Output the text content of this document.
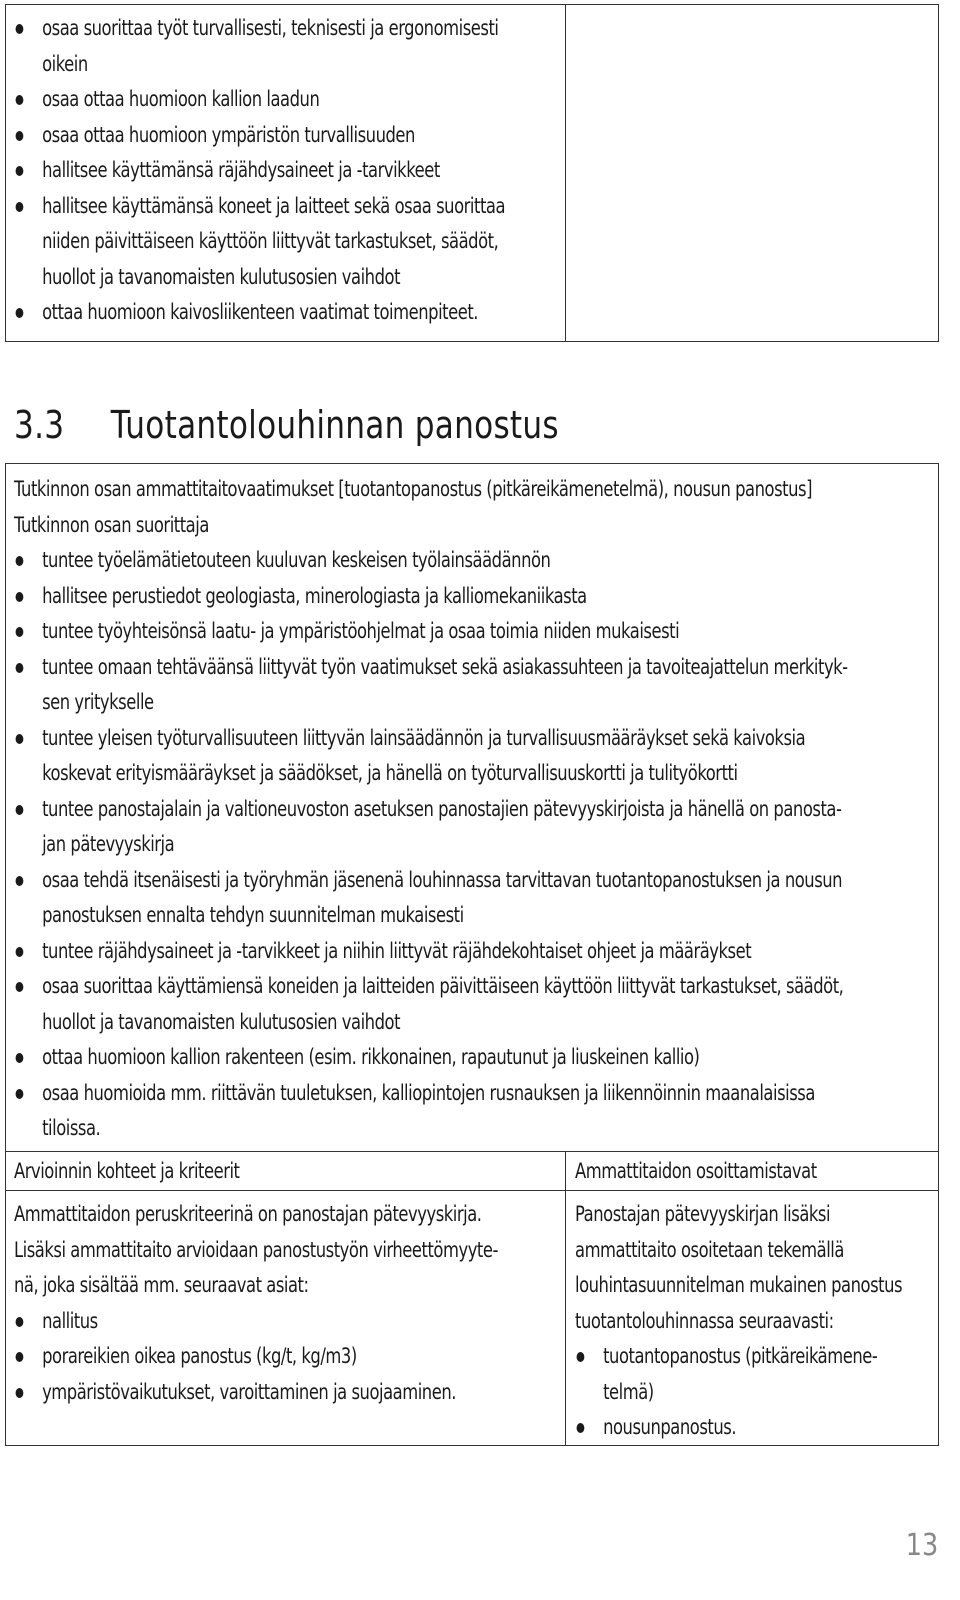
osaa suorittaa työt turvallisesti, teknisesti ja ergonomisesti
oikein
osaa ottaa huomioon kallion laadun
osaa ottaa huomioon ympäristön turvallisuuden
hallitsee käyttämänsä räjähdysaineet ja -tarvikkeet
hallitsee käyttämänsä koneet ja laitteet sekä osaa suorittaa
niiden päivittäiseen käyttöön liittyvät tarkastukset, säädöt,
huollot ja tavanomaisten kulutusosien vaihdot
ottaa huomioon kaivosliikenteen vaatimat toimenpiteet.
3.3 Tuotantolouhinnan panostus
Tutkinnon osan ammattitaitovaatimukset [tuotantopanostus (pitkäreikämenetelmä), nousun panostus]
Tutkinnon osan suorittaja
tuntee työelämätietouteen kuuluvan keskeisen työlainsäädännön
hallitsee perustiedot geologiasta, minerologiasta ja kalliomekaniikasta
tuntee työyhteisönsä laatu- ja ympäristöohjelmat ja osaa toimia niiden mukaisesti
tuntee omaan tehtäväänsä liittyvät työn vaatimukset sekä asiakassuhteen ja tavoiteajattelun merkityk-
sen yritykselle
tuntee yleisen työturvallisuuteen liittyvän lainsäädännön ja turvallisuusmääräykset sekä kaivoksia
koskevat erityismääräykset ja säädökset, ja hänellä on työturvallisuuskortti ja tulityökortti
tuntee panostajalain ja valtioneuvoston asetuksen panostajien pätevyyskirjoista ja hänellä on panosta-
jan pätevyyskirja
osaa tehdä itsenäisesti ja työryhmän jäsenenä louhinnassa tarvittavan tuotantopanostuksen ja nousun
panostuksen ennalta tehdyn suunnitelman mukaisesti
tuntee räjähdysaineet ja -tarvikkeet ja niihin liittyvät räjähdekohtaiset ohjeet ja määräykset
osaa suorittaa käyttämiensä koneiden ja laitteiden päivittäiseen käyttöön liittyvät tarkastukset, säädöt,
huollot ja tavanomaisten kulutusosien vaihdot
ottaa huomioon kallion rakenteen (esim. rikkonainen, rapautunut ja liuskeinen kallio)
osaa huomioida mm. riittävän tuuletuksen, kalliopintojen rusnauksen ja liikennöinnin maanalaisissa
tiloissa.
Arvioinnin kohteet ja kriteerit
Ammattitaidon peruskriteerinä on panostajan pätevyyskirja.
Lisäksi ammattitaito arvioidaan panostustyön virheettömyyte-
nä, joka sisältää mm. seuraavat asiat:
nallitus
porareikien oikea panostus (kg/t, kg/m3)
ympäristövaikutukset, varoittaminen ja suojaaminen.
Ammattitaidon osoittamistavat
Panostajan pätevyyskirjan lisäksi
ammattitaito osoitetaan tekemällä
louhintasuunnitelman mukainen panostus
tuotantolouhinnassa seuraavasti:
tuotantopanostus (pitkäreikämene-
telmä)
nousunpanostus.
13
